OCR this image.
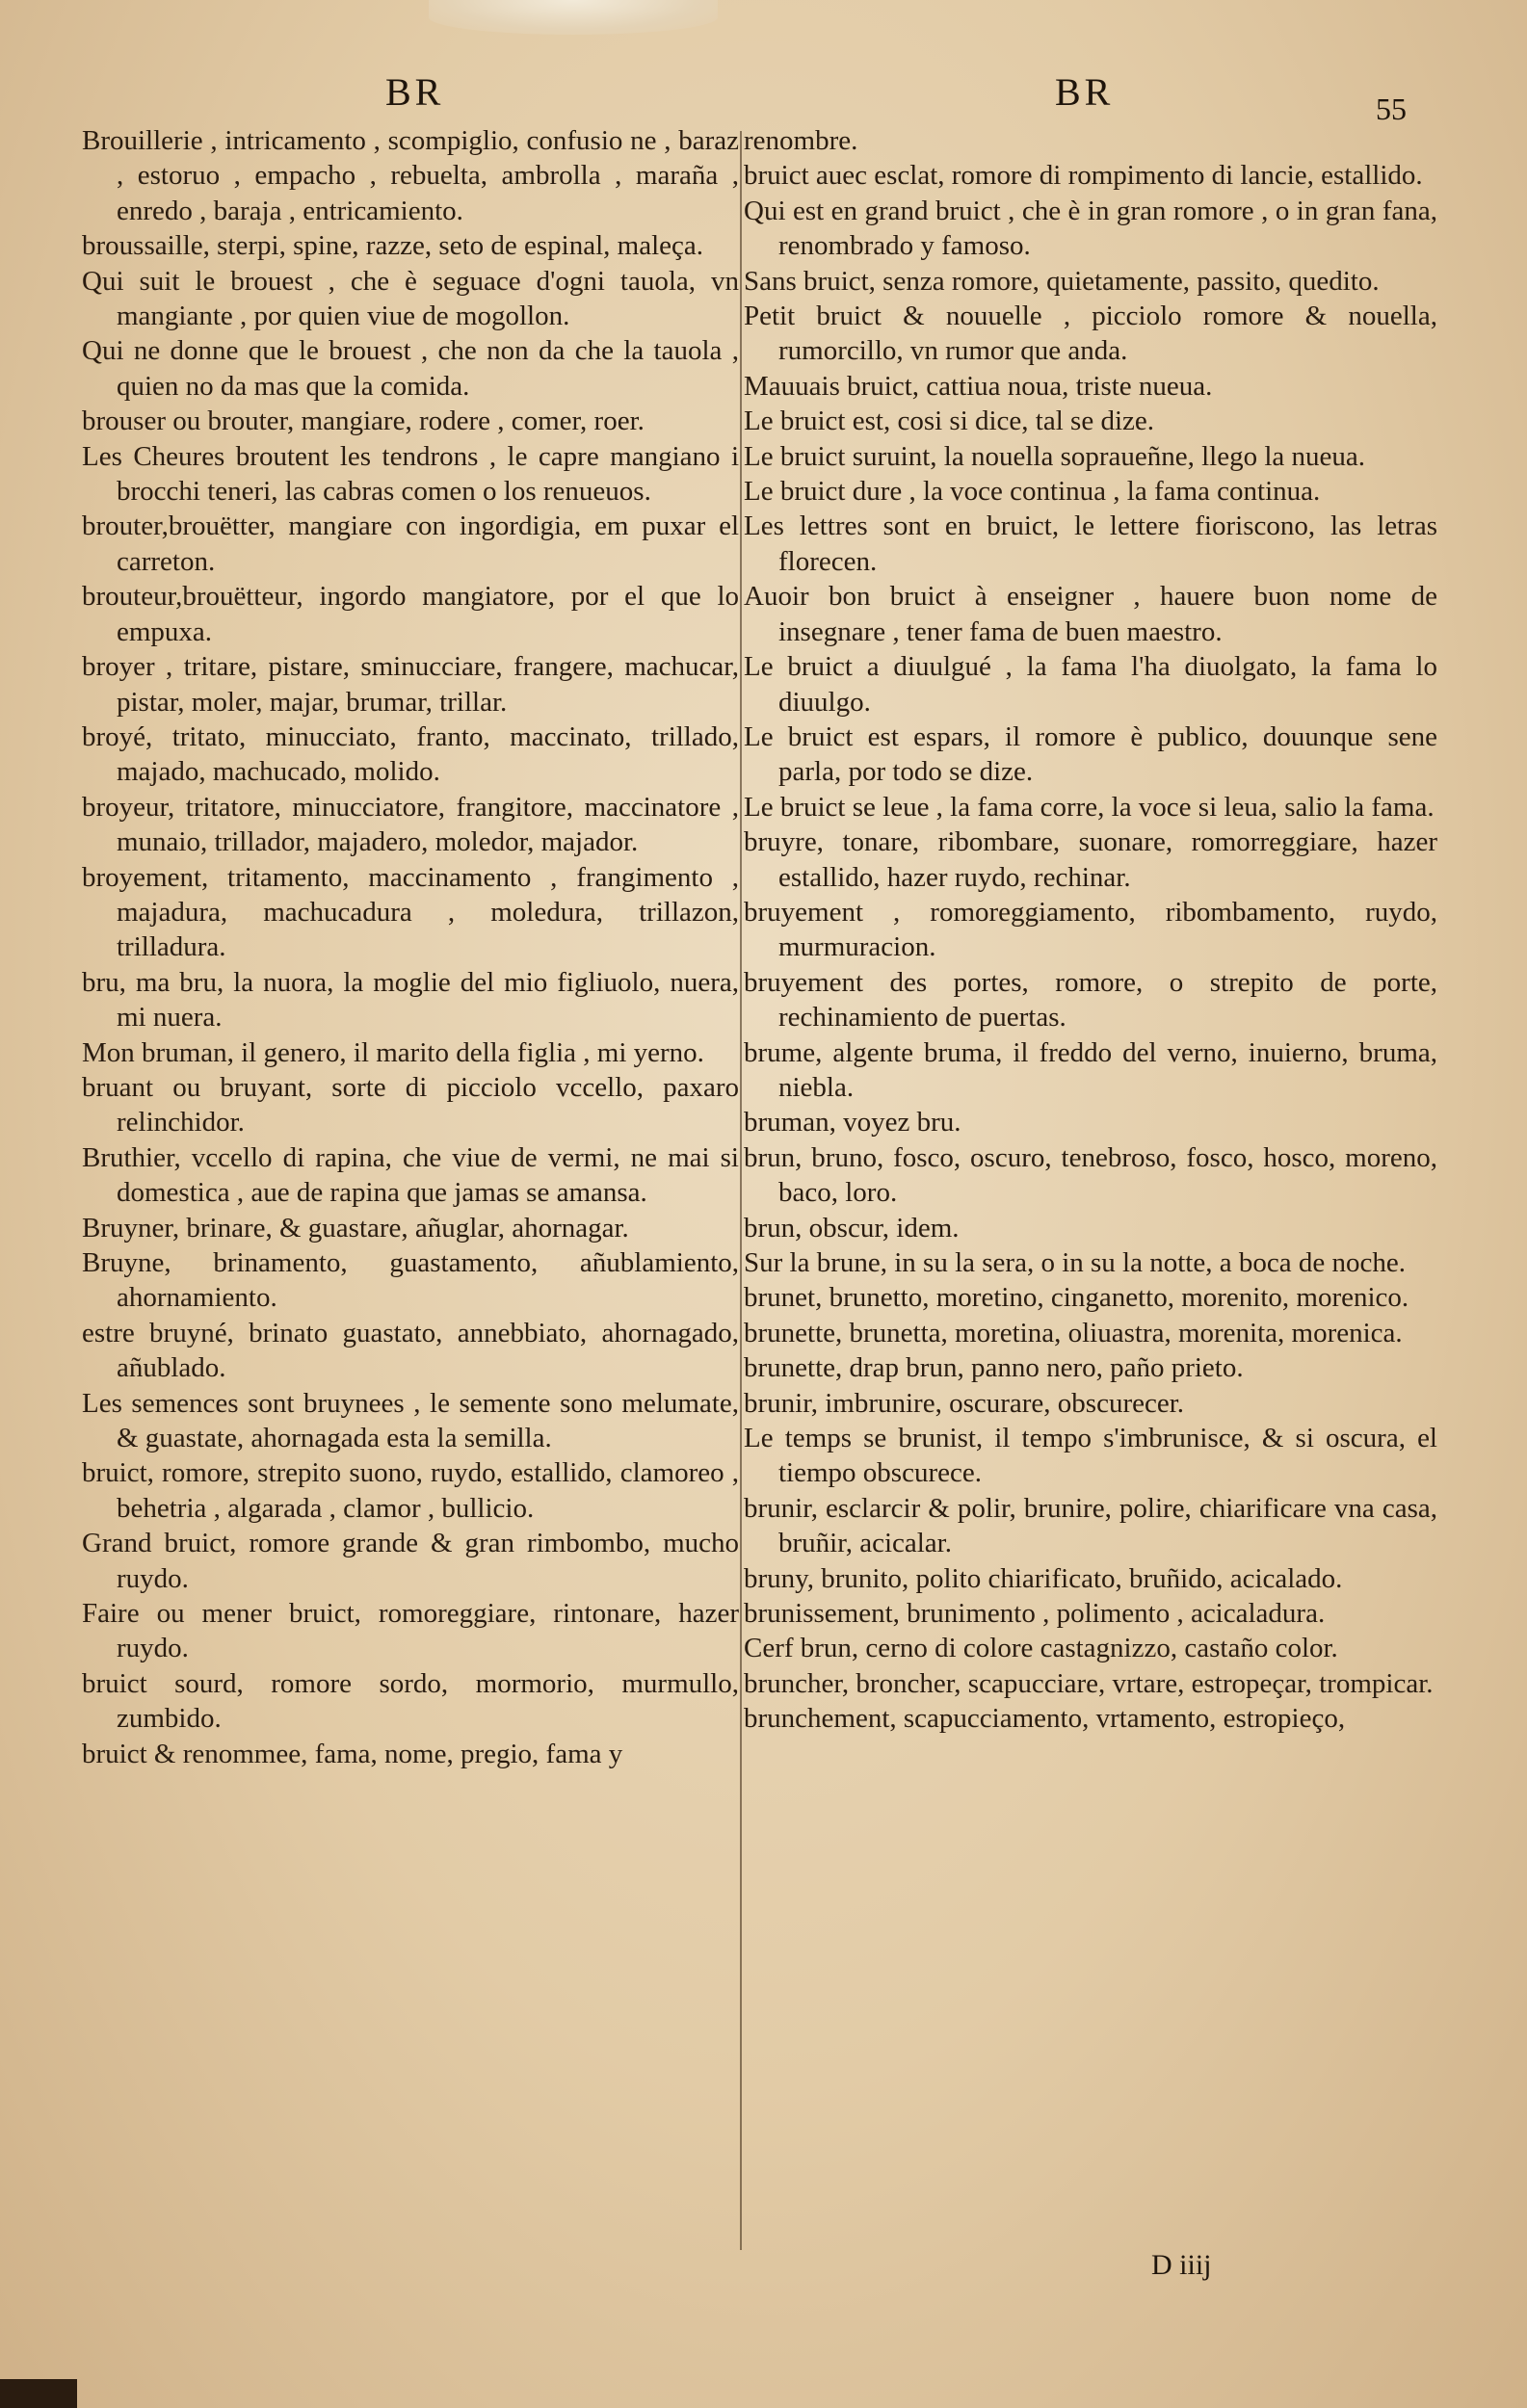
BR	BR	55
Brouillerie , intricamento , scompiglio, confusio ne , baraz , estoruo , empacho , rebuelta, ambrolla , maraña , enredo , baraja , entricamiento.
broussaille, sterpi, spine, razze, seto de espinal, maleça.
Qui suit le brouest , che è seguace d'ogni tauola, vn mangiante , por quien viue de mogollon.
Qui ne donne que le brouest , che non da che la tauola , quien no da mas que la comida.
brouser ou brouter, mangiare, rodere , comer, roer.
Les Cheures broutent les tendrons , le capre mangiano i brocchi teneri, las cabras comen o los renueuos.
brouter,brouëtter, mangiare con ingordigia, em puxar el carreton.
brouteur,brouëtteur, ingordo mangiatore, por el que lo empuxa.
broyer , tritare, pistare, sminucciare, frangere, machucar, pistar, moler, majar, brumar, trillar.
broyé, tritato, minucciato, franto, maccinato, trillado, majado, machucado, molido.
broyeur, tritatore, minucciatore, frangitore, maccinatore , munaio, trillador, majadero, moledor, majador.
broyement, tritamento, maccinamento , frangimento , majadura, machucadura , moledura, trillazon, trilladura.
bru, ma bru, la nuora, la moglie del mio figliuolo, nuera, mi nuera.
Mon bruman, il genero, il marito della figlia , mi yerno.
bruant ou bruyant, sorte di picciolo vccello, paxaro relinchidor.
Bruthier, vccello di rapina, che viue de vermi, ne mai si domestica , aue de rapina que jamas se amansa.
Bruyner, brinare, & guastare, añuglar, ahornagar.
Bruyne, brinamento, guastamento, añublamiento, ahornamiento.
estre bruyné, brinato guastato, annebbiato, ahornagado, añublado.
Les semences sont bruynees , le semente sono melumate, & guastate, ahornagada esta la semilla.
bruict, romore, strepito suono, ruydo, estallido, clamoreo , behetria , algarada , clamor , bullicio.
Grand bruict, romore grande & gran rimbombo, mucho ruydo.
Faire ou mener bruict, romoreggiare, rintonare, hazer ruydo.
bruict sourd, romore sordo, mormorio, murmullo, zumbido.
bruict & renommee, fama, nome, pregio, fama y
renombre.
bruict auec esclat, romore di rompimento di lancie, estallido.
Qui est en grand bruict , che è in gran romore , o in gran fana, renombrado y famoso.
Sans bruict, senza romore, quietamente, passito, quedito.
Petit bruict & nouuelle , picciolo romore & nouella, rumorcillo, vn rumor que anda.
Mauuais bruict, cattiua noua, triste nueua.
Le bruict est, cosi si dice, tal se dize.
Le bruict suruint, la nouella sopraueñne, llego la nueua.
Le bruict dure , la voce continua , la fama continua.
Les lettres sont en bruict, le lettere fioriscono, las letras florecen.
Auoir bon bruict à enseigner , hauere buon nome de insegnare , tener fama de buen maestro.
Le bruict a diuulgué , la fama l'ha diuolgato, la fama lo diuulgo.
Le bruict est espars, il romore è publico, douunque sene parla, por todo se dize.
Le bruict se leue , la fama corre, la voce si leua, salio la fama.
bruyre, tonare, ribombare, suonare, romorreggiare, hazer estallido, hazer ruydo, rechinar.
bruyement , romoreggiamento, ribombamento, ruydo, murmuracion.
bruyement des portes, romore, o strepito de porte, rechinamiento de puertas.
brume, algente bruma, il freddo del verno, inuierno, bruma, niebla.
bruman, voyez bru.
brun, bruno, fosco, oscuro, tenebroso, fosco, hosco, moreno, baco, loro.
brun, obscur, idem.
Sur la brune, in su la sera, o in su la notte, a boca de noche.
brunet, brunetto, moretino, cinganetto, morenito, morenico.
brunette, brunetta, moretina, oliuastra, morenita, morenica.
brunette, drap brun, panno nero, paño prieto.
brunir, imbrunire, oscurare, obscurecer.
Le temps se brunist, il tempo s'imbrunisce, & si oscura, el tiempo obscurece.
brunir, esclarcir & polir, brunire, polire, chiarificare vna casa, bruñir, acicalar.
bruny, brunito, polito chiarificato, bruñido, acicalado.
brunissement, brunimento , polimento , acicaladura.
Cerf brun, cerno di colore castagnizzo, castaño color.
bruncher, broncher, scapucciare, vrtare, estropeçar, trompicar.
brunchement, scapucciamento, vrtamento, estropieço,
D iiij
